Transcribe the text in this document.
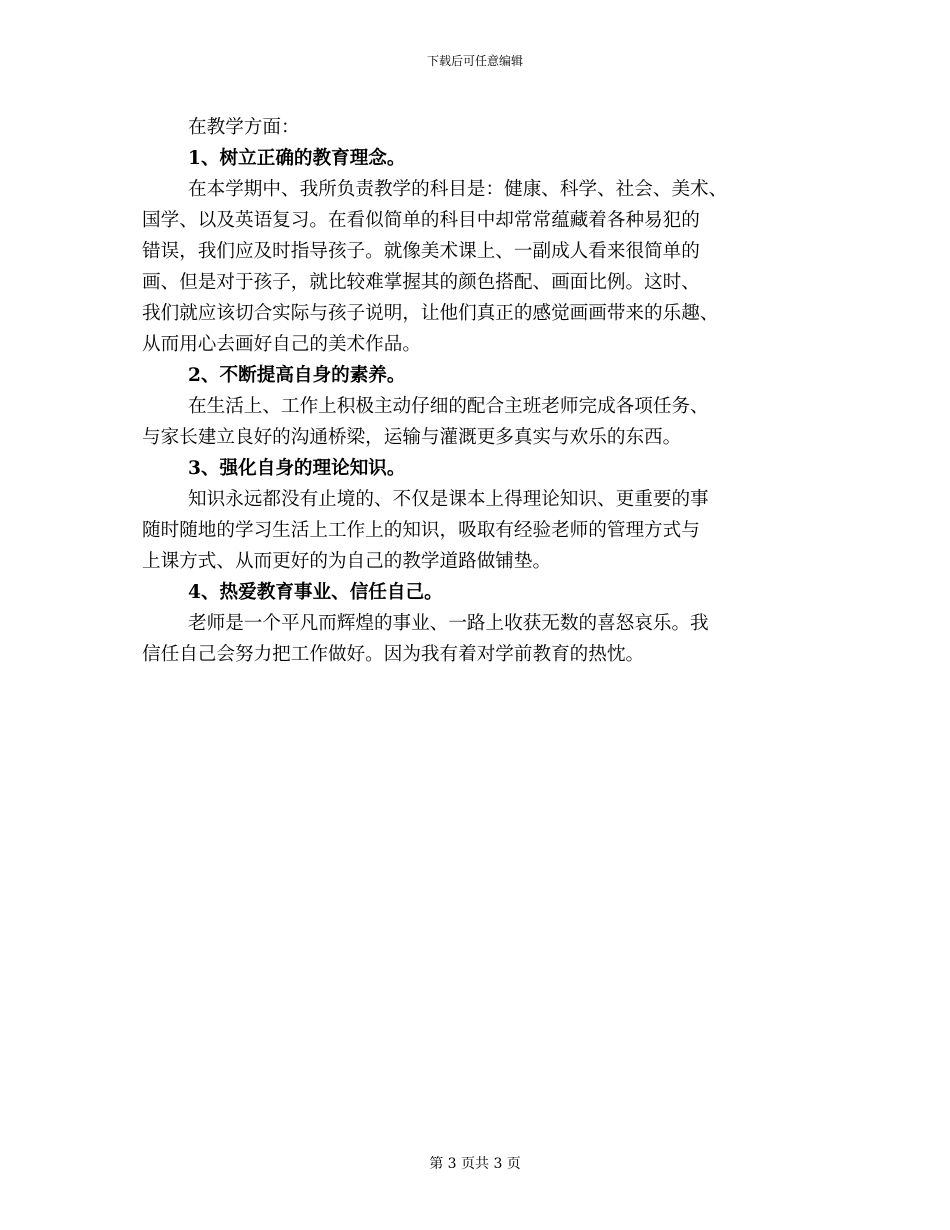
下载后可任意编辑
在教学方面：
1、树立正确的教育理念。
在本学期中、我所负责教学的科目是：健康、科学、社会、美术、
国学、以及英语复习。在看似简单的科目中却常常蕴藏着各种易犯的
错误，我们应及时指导孩子。就像美术课上、一副成人看来很简单的
画、但是对于孩子，就比较难掌握其的颜色搭配、画面比例。这时、
我们就应该切合实际与孩子说明，让他们真正的感觉画画带来的乐趣、
从而用心去画好自己的美术作品。
2、不断提高自身的素养。
在生活上、工作上积极主动仔细的配合主班老师完成各项任务、
与家长建立良好的沟通桥梁，运输与灌溉更多真实与欢乐的东西。
3、强化自身的理论知识。
知识永远都没有止境的、不仅是课本上得理论知识、更重要的事
随时随地的学习生活上工作上的知识，吸取有经验老师的管理方式与
上课方式、从而更好的为自己的教学道路做铺垫。
4、热爱教育事业、信任自己。
老师是一个平凡而辉煌的事业、一路上收获无数的喜怒哀乐。我
信任自己会努力把工作做好。因为我有着对学前教育的热忱。
第 3 页共 3 页
